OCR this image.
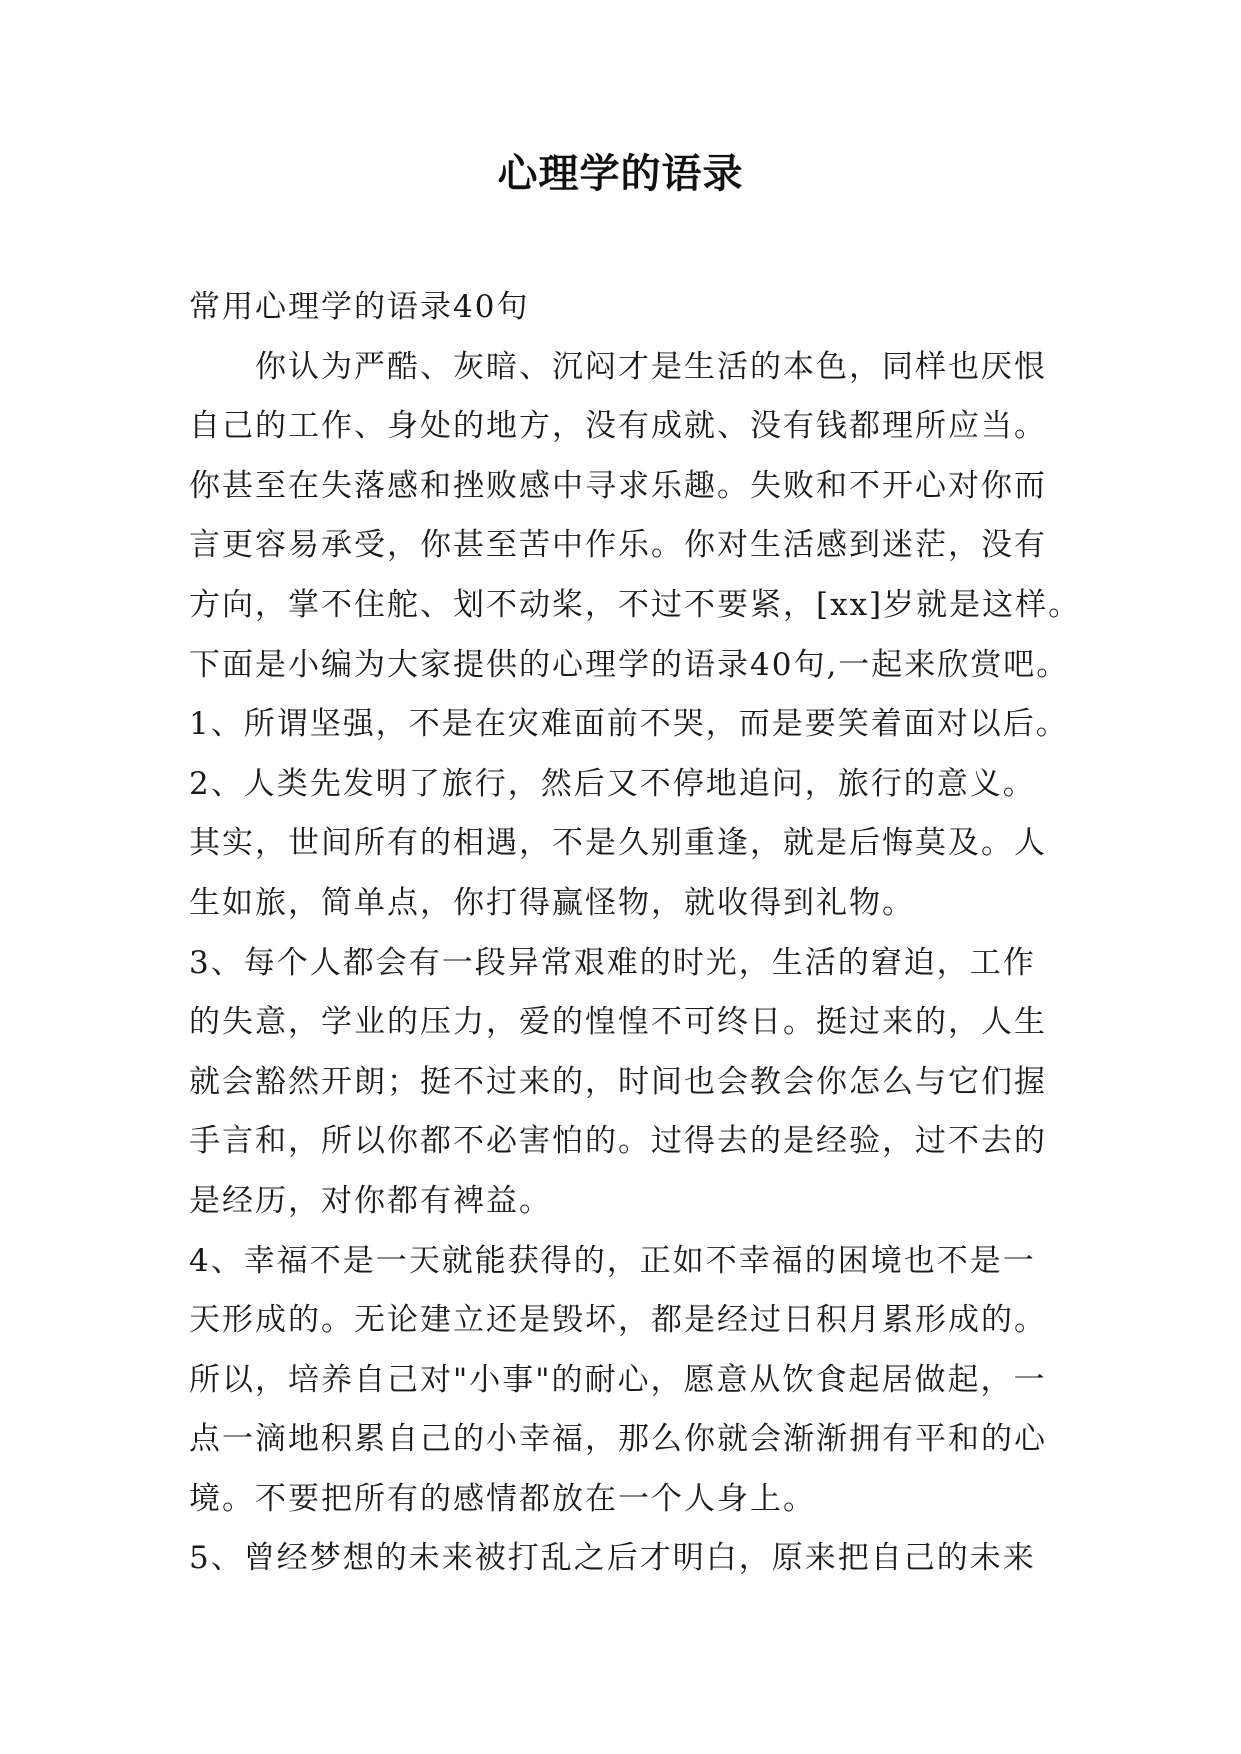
心理学的语录
常用心理学的语录40句
　　你认为严酷、灰暗、沉闷才是生活的本色，同样也厌恨
自己的工作、身处的地方，没有成就、没有钱都理所应当。
你甚至在失落感和挫败感中寻求乐趣。失败和不开心对你而
言更容易承受，你甚至苦中作乐。你对生活感到迷茫，没有
方向，掌不住舵、划不动桨，不过不要紧，[xx]岁就是这样。
下面是小编为大家提供的心理学的语录40句,一起来欣赏吧。
1、所谓坚强，不是在灾难面前不哭，而是要笑着面对以后。
2、人类先发明了旅行，然后又不停地追问，旅行的意义。
其实，世间所有的相遇，不是久别重逢，就是后悔莫及。人
生如旅，简单点，你打得赢怪物，就收得到礼物。
3、每个人都会有一段异常艰难的时光，生活的窘迫，工作
的失意，学业的压力，爱的惶惶不可终日。挺过来的，人生
就会豁然开朗；挺不过来的，时间也会教会你怎么与它们握
手言和，所以你都不必害怕的。过得去的是经验，过不去的
是经历，对你都有裨益。
4、幸福不是一天就能获得的，正如不幸福的困境也不是一
天形成的。无论建立还是毁坏，都是经过日积月累形成的。
所以，培养自己对"小事"的耐心，愿意从饮食起居做起，一
点一滴地积累自己的小幸福，那么你就会渐渐拥有平和的心
境。不要把所有的感情都放在一个人身上。
5、曾经梦想的未来被打乱之后才明白，原来把自己的未来
